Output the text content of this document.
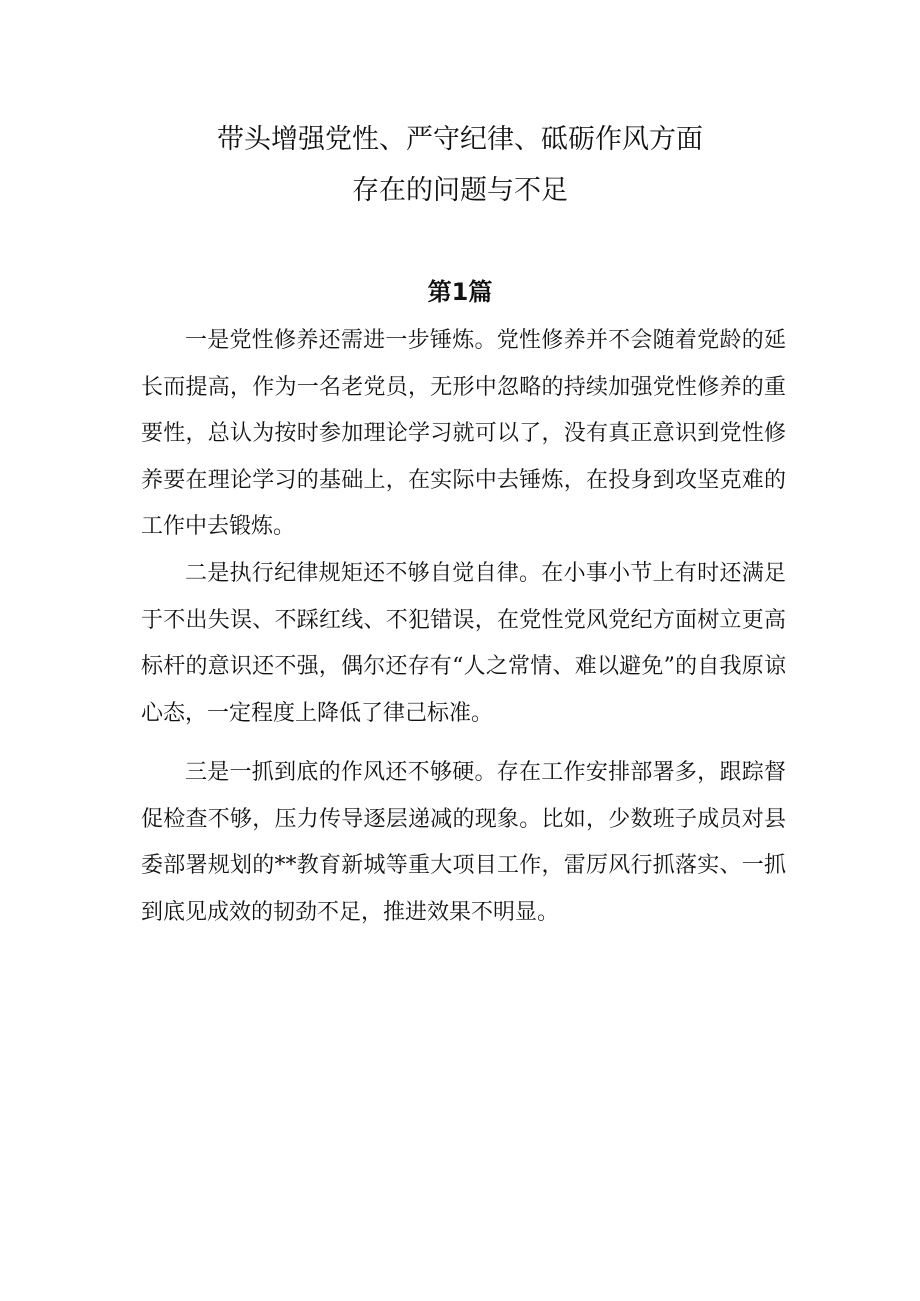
带头增强党性、严守纪律、砥砺作风方面
存在的问题与不足
第1篇

一是党性修养还需进一步锤炼。党性修养并不会随着党龄的延长而提高，作为一名老党员，无形中忽略的持续加强党性修养的重要性，总认为按时参加理论学习就可以了，没有真正意识到党性修养要在理论学习的基础上，在实际中去锤炼，在投身到攻坚克难的工作中去锻炼。

二是执行纪律规矩还不够自觉自律。在小事小节上有时还满足于不出失误、不踩红线、不犯错误，在党性党风党纪方面树立更高标杆的意识还不强，偶尔还存有“人之常情、难以避免”的自我原谅心态，一定程度上降低了律己标准。

三是一抓到底的作风还不够硬。存在工作安排部署多，跟踪督促检查不够，压力传导逐层递减的现象。比如，少数班子成员对县委部署规划的**教育新城等重大项目工作，雷厉风行抓落实、一抓到底见成效的韧劲不足，推进效果不明显。
